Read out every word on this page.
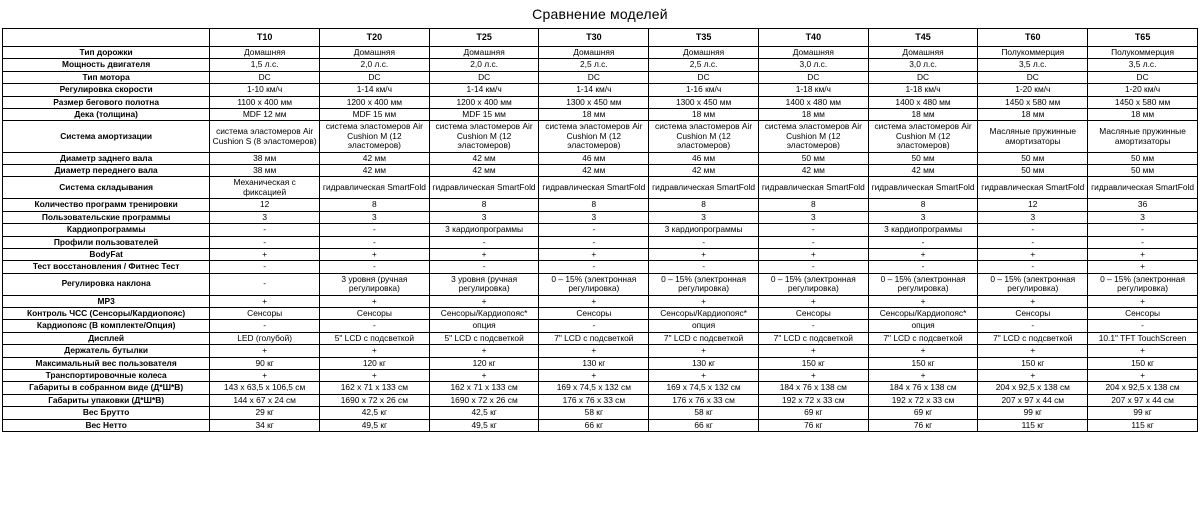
Сравнение моделей
	T10	T20	T25	T30	T35	T40	T45	T60	T65
Тип дорожки	Домашняя	Домашняя	Домашняя	Домашняя	Домашняя	Домашняя	Домашняя	Полукоммерция	Полукоммерция
Мощность двигателя	1,5 л.с.	2,0 л.с.	2,0 л.с.	2,5 л.с.	2,5 л.с.	3,0 л.с.	3,0 л.с.	3,5 л.с.	3,5 л.с.
Тип мотора	DC	DC	DC	DC	DC	DC	DC	DC	DC
Регулировка скорости	1-10 км/ч	1-14 км/ч	1-14 км/ч	1-14 км/ч	1-16 км/ч	1-18 км/ч	1-18 км/ч	1-20 км/ч	1-20 км/ч
Размер бегового полотна	1100 x 400 мм	1200 x 400 мм	1200 x 400 мм	1300 x 450 мм	1300 x 450 мм	1400 x 480 мм	1400 x 480 мм	1450 x 580 мм	1450 x 580 мм
Дека (толщина)	MDF 12 мм	MDF 15 мм	MDF 15 мм	18 мм	18 мм	18 мм	18 мм	18 мм	18 мм
Система амортизации	система эластомеров Air Cushion S (8 эластомеров)	система эластомеров Air Cushion M (12 эластомеров)	система эластомеров Air Cushion M (12 эластомеров)	система эластомеров Air Cushion M (12 эластомеров)	система эластомеров Air Cushion M (12 эластомеров)	система эластомеров Air Cushion M (12 эластомеров)	система эластомеров Air Cushion M (12 эластомеров)	Масляные пружинные амортизаторы	Масляные пружинные амортизаторы
Диаметр заднего вала	38 мм	42 мм	42 мм	46 мм	46 мм	50 мм	50 мм	50 мм	50 мм
Диаметр переднего вала	38 мм	42 мм	42 мм	42 мм	42 мм	42 мм	42 мм	50 мм	50 мм
Система складывания	Механическая с фиксацией	гидравлическая SmartFold	гидравлическая SmartFold	гидравлическая SmartFold	гидравлическая SmartFold	гидравлическая SmartFold	гидравлическая SmartFold	гидравлическая SmartFold	гидравлическая SmartFold
Количество программ тренировки	12	8	8	8	8	8	8	12	36
Пользовательские программы	3	3	3	3	3	3	3	3	3
Кардиопрограммы	-	-	3 кардиопрограммы	-	3 кардиопрограммы	-	3 кардиопрограммы	-	-
Профили пользователей	-	-	-	-	-	-	-	-	-
BodyFat	+	+	+	+	+	+	+	+	+
Тест восстановления / Фитнес Тест	-	-	-	-	-	-	-	-	+
Регулировка наклона	-	3 уровня (ручная регулировка)	3 уровня (ручная регулировка)	0 – 15% (электронная регулировка)	0 – 15% (электронная регулировка)	0 – 15% (электронная регулировка)	0 – 15% (электронная регулировка)	0 – 15% (электронная регулировка)	0 – 15% (электронная регулировка)
MP3	+	+	+	+	+	+	+	+	+
Контроль ЧСС (Сенсоры/Кардиопояс)	Сенсоры	Сенсоры	Сенсоры/Кардиопояс*	Сенсоры	Сенсоры/Кардиопояс*	Сенсоры	Сенсоры/Кардиопояс*	Сенсоры	Сенсоры
Кардиопояс (В комплекте/Опция)	-	-	опция	-	опция	-	опция	-	-
Дисплей	LED (голубой)	5" LCD с подсветкой	5" LCD с подсветкой	7" LCD с подсветкой	7" LCD с подсветкой	7" LCD с подсветкой	7" LCD с подсветкой	7" LCD с подсветкой	10.1" TFT TouchScreen
Держатель бутылки	+	+	+	+	+	+	+	+	+
Максимальный вес пользователя	90 кг	120 кг	120 кг	130 кг	130 кг	150 кг	150 кг	150 кг	150 кг
Транспортировочные колеса	+	+	+	+	+	+	+	+	+
Габариты в собранном виде (Д*Ш*В)	143 x 63,5 x 106,5 см	162 x 71 x 133 см	162 x 71 x 133 см	169 x 74,5 x 132 см	169 x 74,5 x 132 см	184 x 76 x 138 см	184 x 76 x 138 см	204 x 92,5 x 138 см	204 x 92,5 x 138 см
Габариты упаковки (Д*Ш*В)	144 x 67 x 24 см	1690 x 72 x 26 см	1690 x 72 x 26 см	176 x 76 x 33 см	176 x 76 x 33 см	192 x 72 x 33 см	192 x 72 x 33 см	207 x 97 x 44 см	207 x 97 x 44 см
Вес Брутто	29 кг	42,5 кг	42,5 кг	58 кг	58 кг	69 кг	69 кг	99 кг	99 кг
Вес Нетто	34 кг	49,5 кг	49,5 кг	66 кг	66 кг	76 кг	76 кг	115 кг	115 кг
